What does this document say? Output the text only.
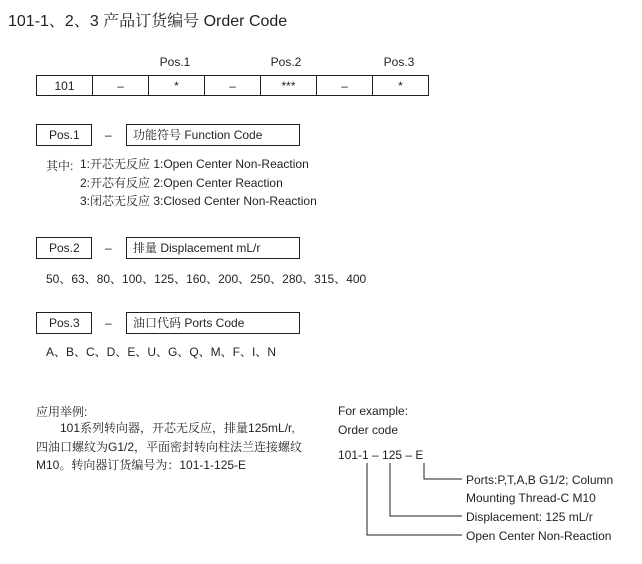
101-1、2、3 产品订货编号 Order Code
Pos.1	Pos.2	Pos.3
101	–	*	–	***	–	*
Pos.1	–	功能符号 Function Code
其中: 1:开芯无反应 1:Open Center Non-Reaction
2:开芯有反应 2:Open Center Reaction
3:闭芯无反应 3:Closed Center Non-Reaction
Pos.2	–	排量 Displacement mL/r
50、63、80、100、125、160、200、250、280、315、400
Pos.3	–	油口代码 Ports Code
A、B、C、D、E、U、G、Q、M、F、I、N
应用举例:
101系列转向器，开芯无反应，排量125mL/r,
四油口螺纹为G1/2，平面密封转向柱法兰连接螺纹
M10。转向器订货编号为：101-1-125-E
For example:
Order code
101-1 – 125 – E
Ports:P,T,A,B G1/2; Column
Mounting Thread-C M10
Displacement: 125 mL/r
Open Center Non-Reaction
